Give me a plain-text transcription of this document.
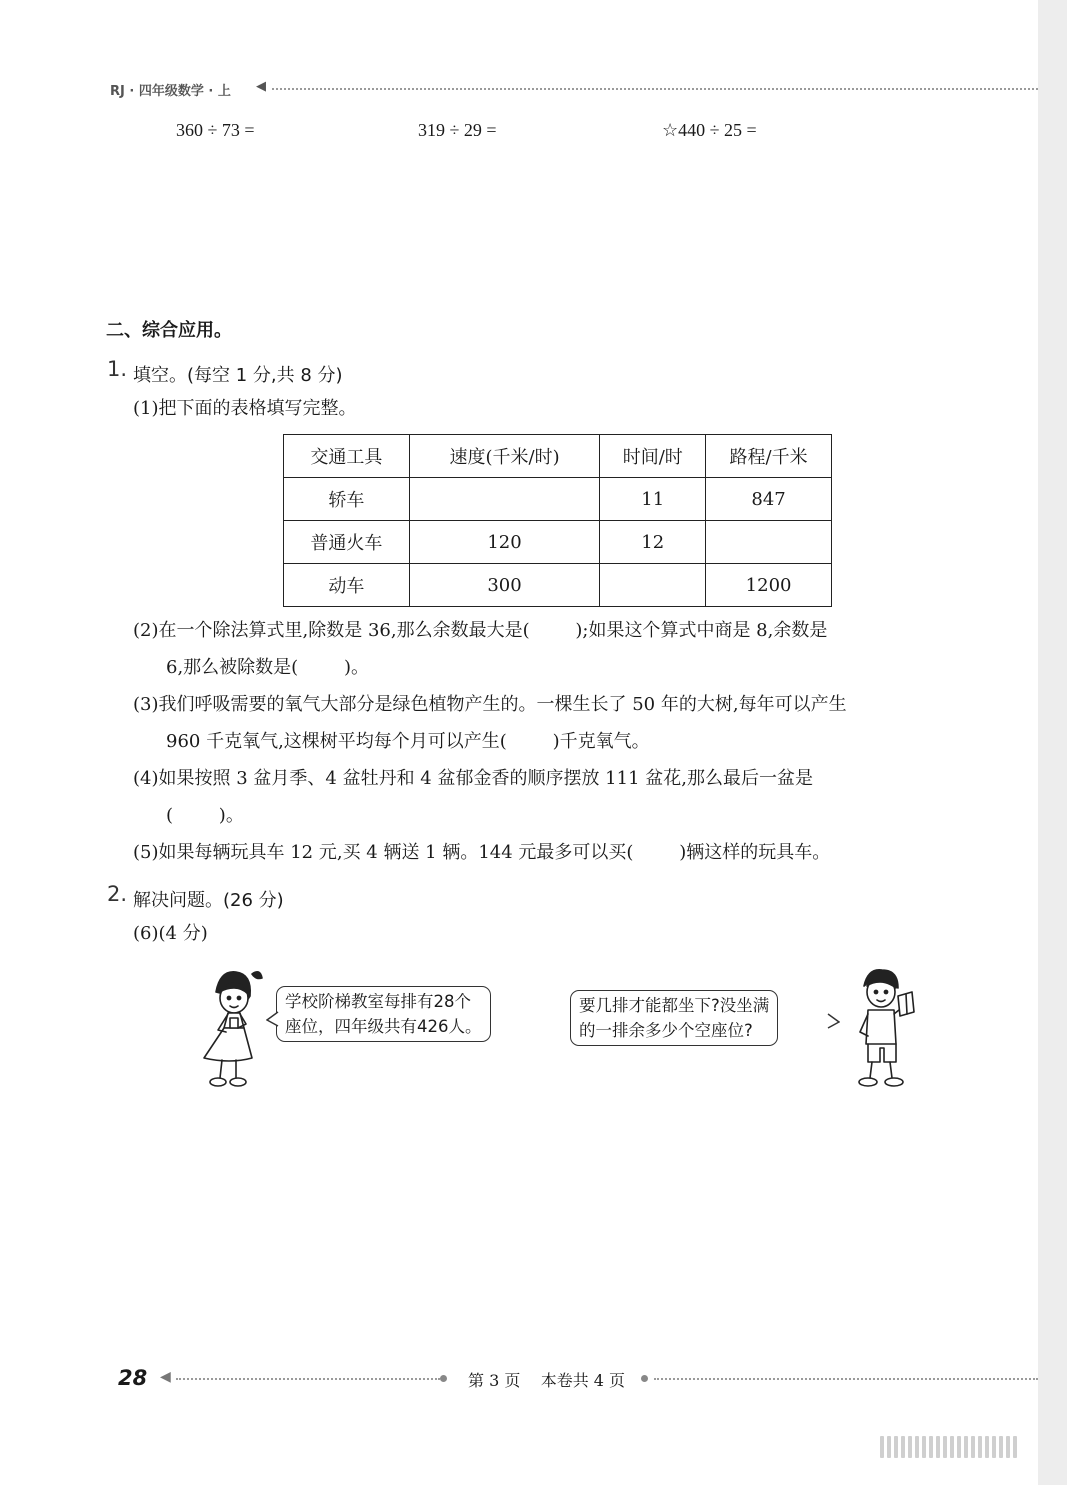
RJ · 四年级数学 · 上 ◀
360 ÷ 73 =	319 ÷ 29 =	☆440 ÷ 25 =
二、综合应用。
1. 填空。(每空 1 分,共 8 分)
(1)把下面的表格填写完整。
交通工具	速度(千米/时)	时间/时	路程/千米
轿车		11	847
普通火车	120	12	
动车	300		1200
(2)在一个除法算式里,除数是 36,那么余数最大是(        );如果这个算式中商是 8,余数是
6,那么被除数是(        )。
(3)我们呼吸需要的氧气大部分是绿色植物产生的。一棵生长了 50 年的大树,每年可以产生
960 千克氧气,这棵树平均每个月可以产生(        )千克氧气。
(4)如果按照 3 盆月季、4 盆牡丹和 4 盆郁金香的顺序摆放 111 盆花,那么最后一盆是
(        )。
(5)如果每辆玩具车 12 元,买 4 辆送 1 辆。144 元最多可以买(        )辆这样的玩具车。
2. 解决问题。(26 分)
(6)(4 分)
学校阶梯教室每排有28个
座位，四年级共有426人。
要几排才能都坐下?没坐满
的一排余多少个空座位?
28 ◀	第 3 页    本卷共 4 页
